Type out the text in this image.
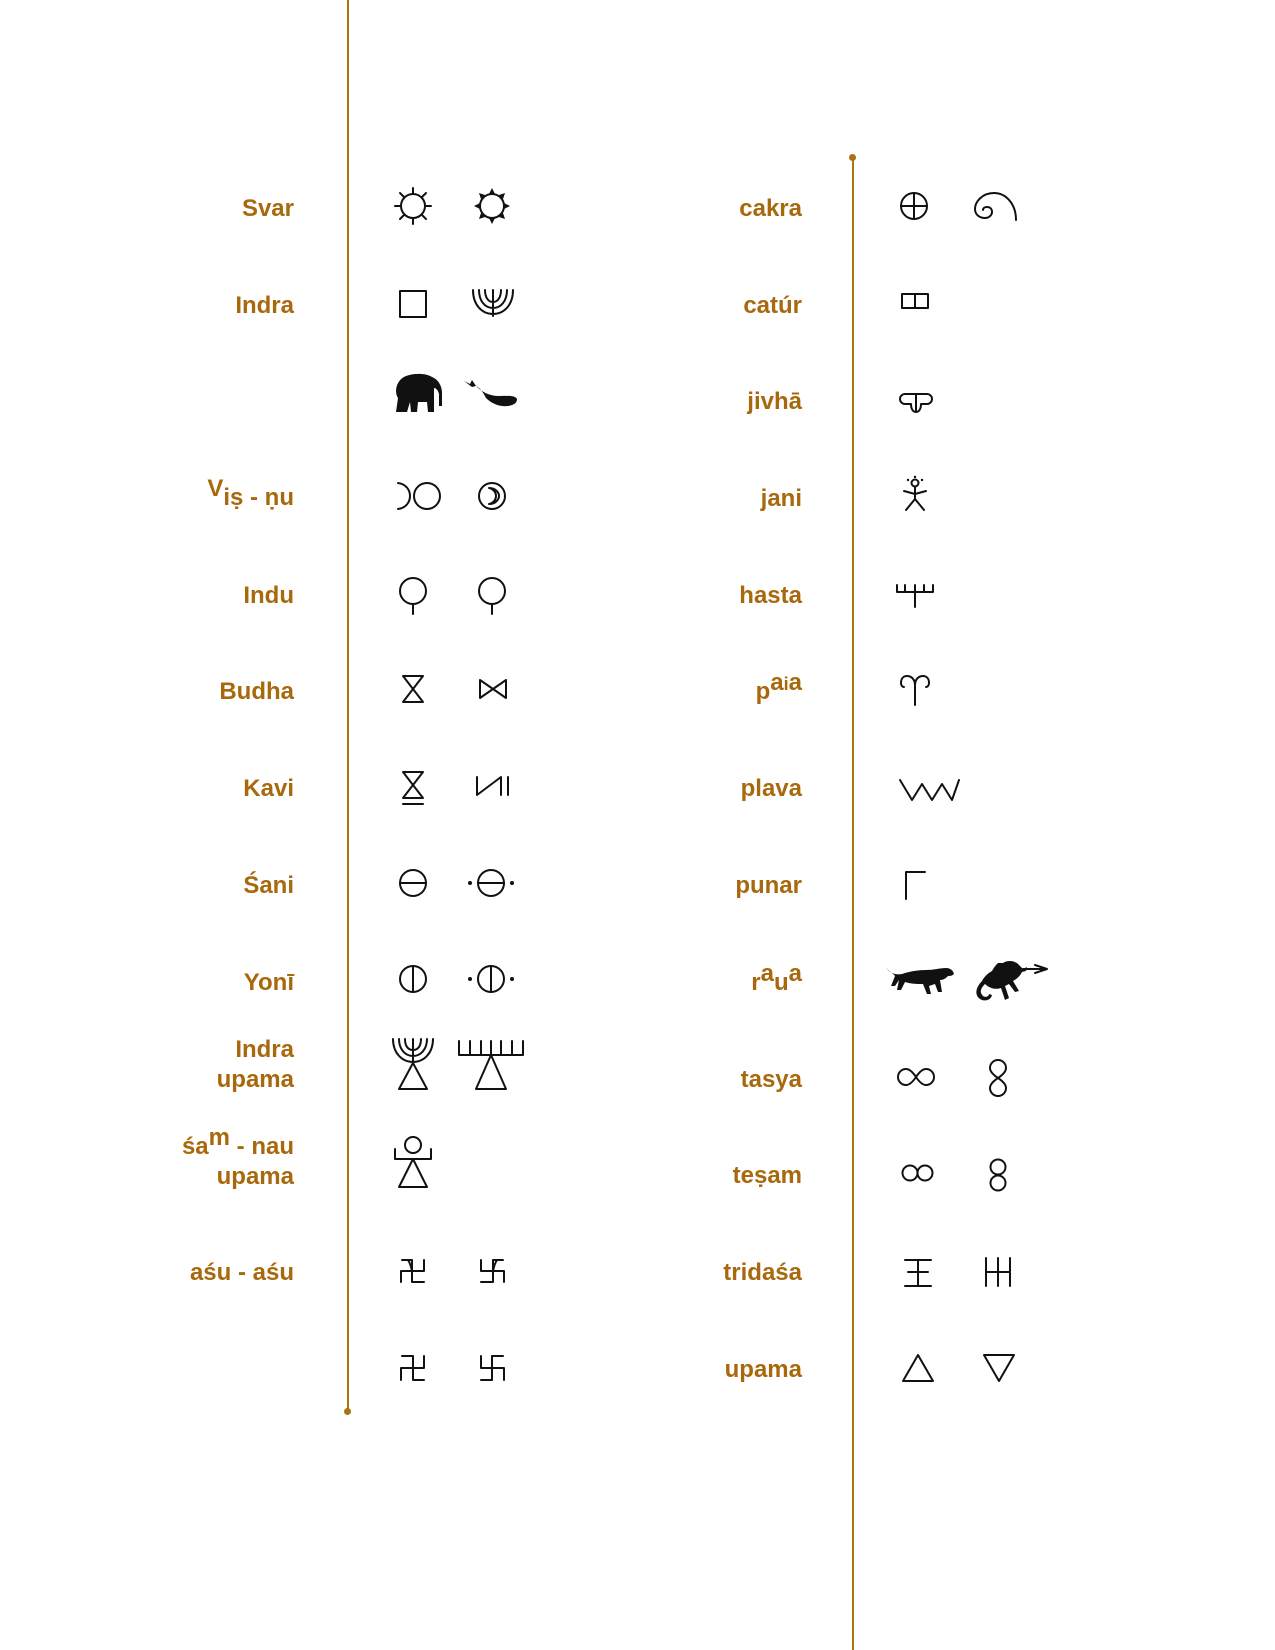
Svar
Indra
$^V$iṣ - ṇu
Indu
Budha
Kavi
Śani
Yonī
Indra
upama
$śa^m$ - nau
upama
aśu - aśu
cakra
catúr
jivhā
jani
hasta
$p^{aia}$
plava
punar
$r^au^a$
tasya
teṣam
tridaśa
upama
